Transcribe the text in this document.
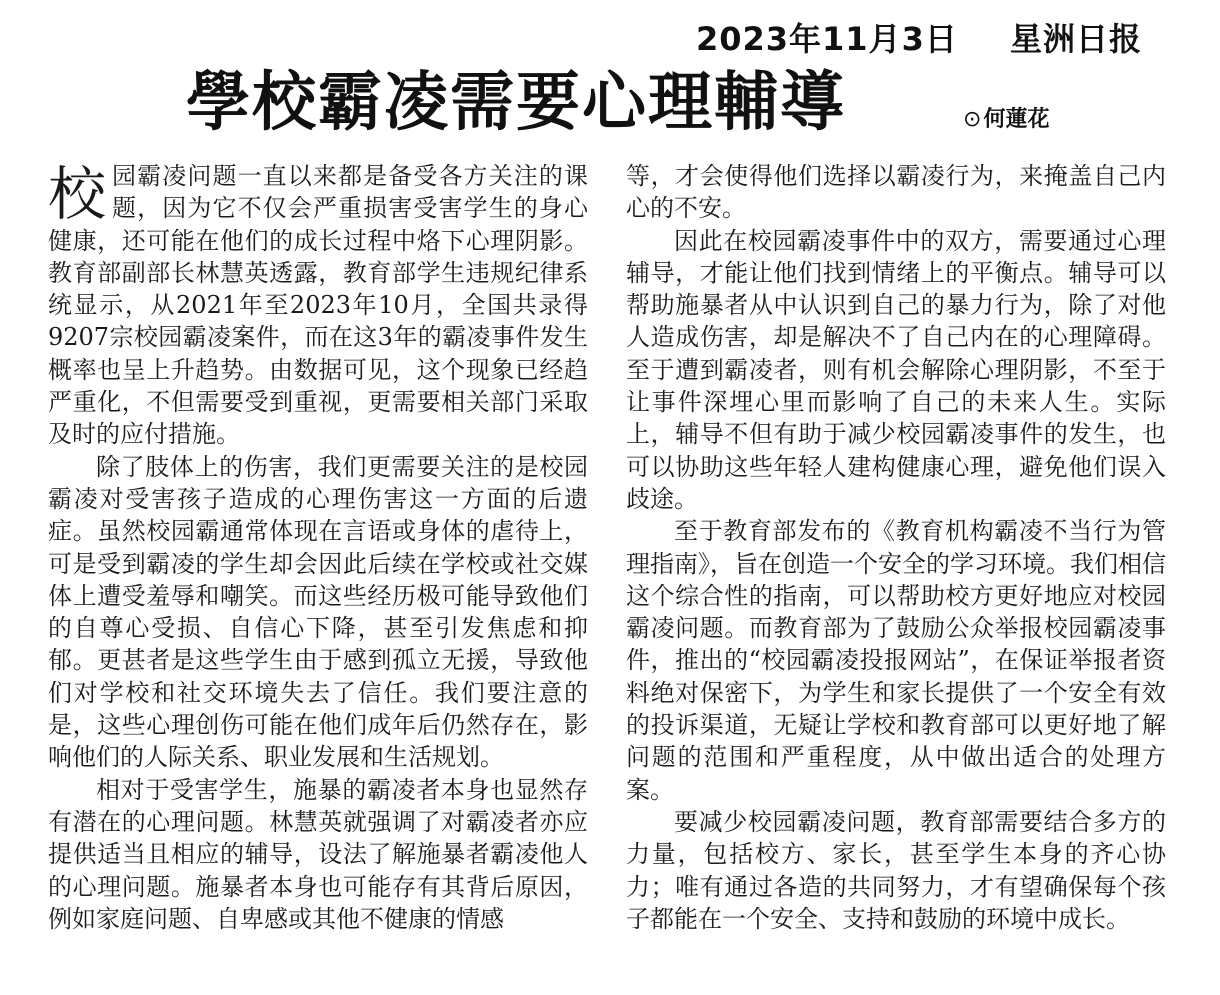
2023年11月3日 星洲日报
學校霸凌需要心理輔導	⊙何蓮花

校园霸凌问题一直以来都是备受各方关注的课题，因为它不仅会严重损害受害学生的身心健康，还可能在他们的成长过程中烙下心理阴影。教育部副部长林慧英透露，教育部学生违规纪律系统显示，从2021年至2023年10月，全国共录得9207宗校园霸凌案件，而在这3年的霸凌事件发生概率也呈上升趋势。由数据可见，这个现象已经趋严重化，不但需要受到重视，更需要相关部门采取及时的应付措施。

除了肢体上的伤害，我们更需要关注的是校园霸凌对受害孩子造成的心理伤害这一方面的后遗症。虽然校园霸通常体现在言语或身体的虐待上，可是受到霸凌的学生却会因此后续在学校或社交媒体上遭受羞辱和嘲笑。而这些经历极可能导致他们的自尊心受损、自信心下降，甚至引发焦虑和抑郁。更甚者是这些学生由于感到孤立无援，导致他们对学校和社交环境失去了信任。我们要注意的是，这些心理创伤可能在他们成年后仍然存在，影响他们的人际关系、职业发展和生活规划。

相对于受害学生，施暴的霸凌者本身也显然存有潜在的心理问题。林慧英就强调了对霸凌者亦应提供适当且相应的辅导，设法了解施暴者霸凌他人的心理问题。施暴者本身也可能存有其背后原因，例如家庭问题、自卑感或其他不健康的情感

等，才会使得他们选择以霸凌行为，来掩盖自己内心的不安。

因此在校园霸凌事件中的双方，需要通过心理辅导，才能让他们找到情绪上的平衡点。辅导可以帮助施暴者从中认识到自己的暴力行为，除了对他人造成伤害，却是解决不了自己内在的心理障碍。至于遭到霸凌者，则有机会解除心理阴影，不至于让事件深埋心里而影响了自己的未来人生。实际上，辅导不但有助于减少校园霸凌事件的发生，也可以协助这些年轻人建构健康心理，避免他们误入歧途。

至于教育部发布的《教育机构霸凌不当行为管理指南》，旨在创造一个安全的学习环境。我们相信这个综合性的指南，可以帮助校方更好地应对校园霸凌问题。而教育部为了鼓励公众举报校园霸凌事件，推出的“校园霸凌投报网站”，在保证举报者资料绝对保密下，为学生和家长提供了一个安全有效的投诉渠道，无疑让学校和教育部可以更好地了解问题的范围和严重程度，从中做出适合的处理方案。

要减少校园霸凌问题，教育部需要结合多方的力量，包括校方、家长，甚至学生本身的齐心协力；唯有通过各造的共同努力，才有望确保每个孩子都能在一个安全、支持和鼓励的环境中成长。
